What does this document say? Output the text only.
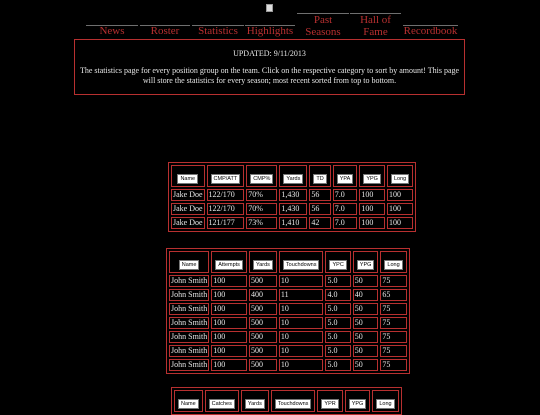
News	Roster	Statistics Highlights
Past
Seasons
Hall of
Fame	Recordbook
UPDATED: 9/11/2013
The statistics page for every position group on the team. Click on the respective category to sort by amount! This page will store the statistics for every season; most recent sorted from top to bottom.
Name	CMP/ATT	CMP%	Yards	TD	YPA	YPG	Long
Jake Doe	122/170	70%	1,430	56	7.0	100	100
Jake Doe	122/170	70%	1,430	56	7.0	100	100
Jake Doe	121/177	73%	1,410	42	7.0	100	100
Name	Attempts	Yards	Touchdowns	YPC	YPG	Long
John Smith	100	500	10	5.0	50	75
John Smith	100	400	11	4.0	40	65
John Smith	100	500	10	5.0	50	75
John Smith	100	500	10	5.0	50	75
John Smith	100	500	10	5.0	50	75
John Smith	100	500	10	5.0	50	75
John Smith	100	500	10	5.0	50	75
Name	Catches	Yards	Touchdowns	YPR	YPG	Long
